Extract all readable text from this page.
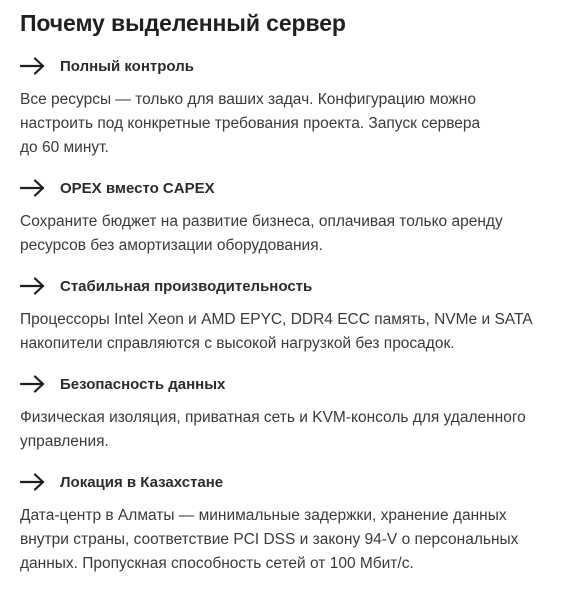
Почему выделенный сервер
Полный контроль
Все ресурсы — только для ваших задач. Конфигурацию можно
настроить под конкретные требования проекта. Запуск сервера
до 60 минут.
OPEX вместо CAPEX
Сохраните бюджет на развитие бизнеса, оплачивая только аренду
ресурсов без амортизации оборудования.
Стабильная производительность
Процессоры Intel Xeon и AMD EPYC, DDR4 ECC память, NVMe и SATA
накопители справляются с высокой нагрузкой без просадок.
Безопасность данных
Физическая изоляция, приватная сеть и KVM-консоль для удаленного
управления.
Локация в Казахстане
Дата-центр в Алматы — минимальные задержки, хранение данных
внутри страны, соответствие PCI DSS и закону 94-V о персональных
данных. Пропускная способность сетей от 100 Мбит/с.
